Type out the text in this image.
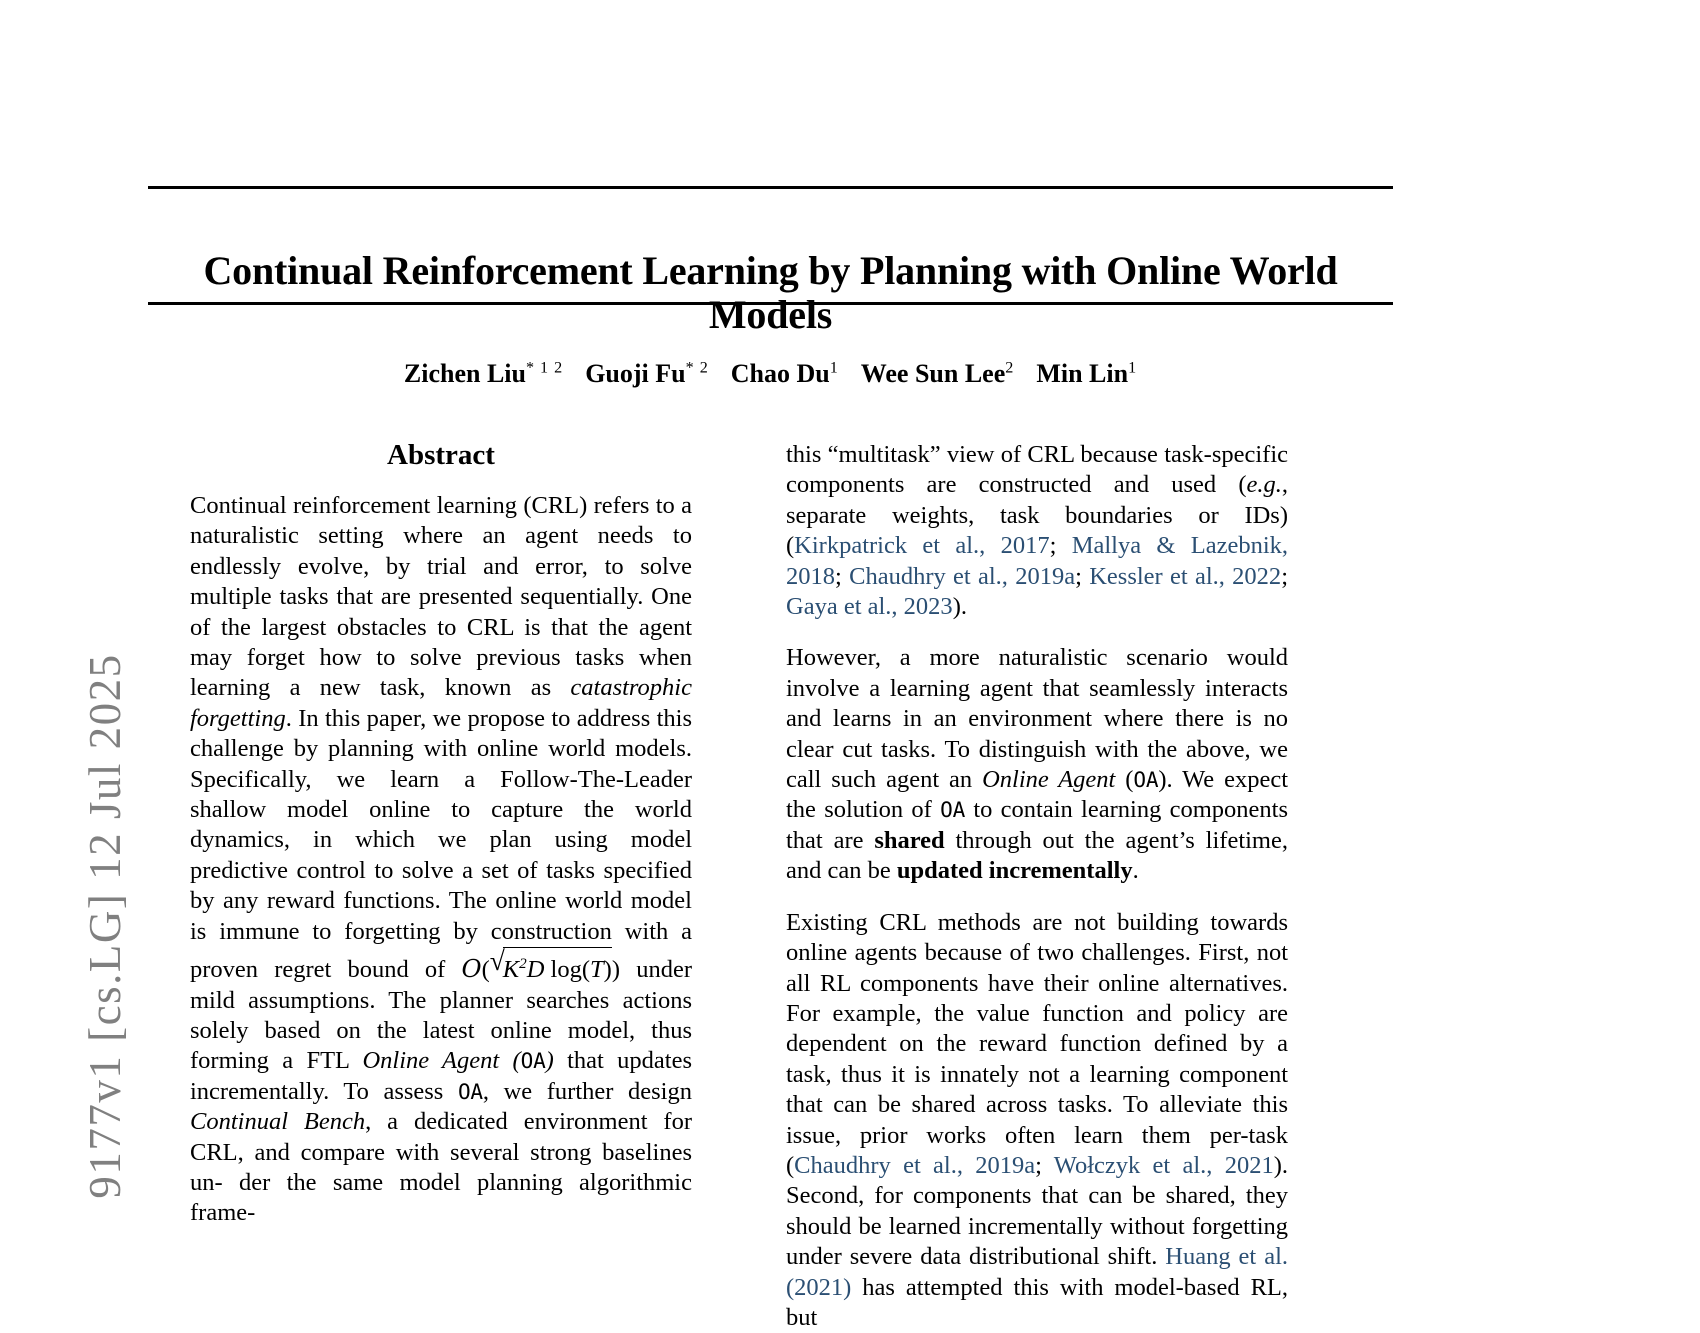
9177v1 [cs.LG] 12 Jul 2025
Continual Reinforcement Learning by Planning with Online World Models
Zichen Liu$^{* 1 2}$ Guoji Fu$^{* 2}$ Chao Du$^1$ Wee Sun Lee$^2$ Min Lin$^1$
Abstract

Continual reinforcement learning (CRL) refers to a naturalistic setting where an agent needs to endlessly evolve, by trial and error, to solve multiple tasks that are presented sequentially. One of the largest obstacles to CRL is that the agent may forget how to solve previous tasks when learning a new task, known as catastrophic forgetting. In this paper, we propose to address this challenge by planning with online world models. Specifically, we learn a Follow-The-Leader shallow model online to capture the world dynamics, in which we plan using model predictive control to solve a set of tasks specified by any reward functions. The online world model is immune to forgetting by construction with a proven regret bound of O( √ $K^2D$ log(T)) under mild assumptions. The planner searches actions solely based on the latest online model, thus forming a FTL Online Agent (OA) that updates incrementally. To assess OA, we further design Continual Bench, a dedicated environment for CRL, and compare with several strong baselines un- der the same model planning algorithmic frame-

this “multitask” view of CRL because task-specific components are constructed and used (e.g., separate weights, task boundaries or IDs) (Kirkpatrick et al., 2017; Mallya & Lazebnik, 2018; Chaudhry et al., 2019a; Kessler et al., 2022; Gaya et al., 2023).

However, a more naturalistic scenario would involve a learning agent that seamlessly interacts and learns in an environment where there is no clear cut tasks. To distinguish with the above, we call such agent an Online Agent (OA). We expect the solution of OA to contain learning components that are shared through out the agent’s lifetime, and can be updated incrementally.

Existing CRL methods are not building towards online agents because of two challenges. First, not all RL components have their online alternatives. For example, the value function and policy are dependent on the reward function defined by a task, thus it is innately not a learning component that can be shared across tasks. To alleviate this issue, prior works often learn them per-task (Chaudhry et al., 2019a; Wołczyk et al., 2021). Second, for components that can be shared, they should be learned incrementally without forgetting under severe data distributional shift. Huang et al. (2021) has attempted this with model-based RL, but
